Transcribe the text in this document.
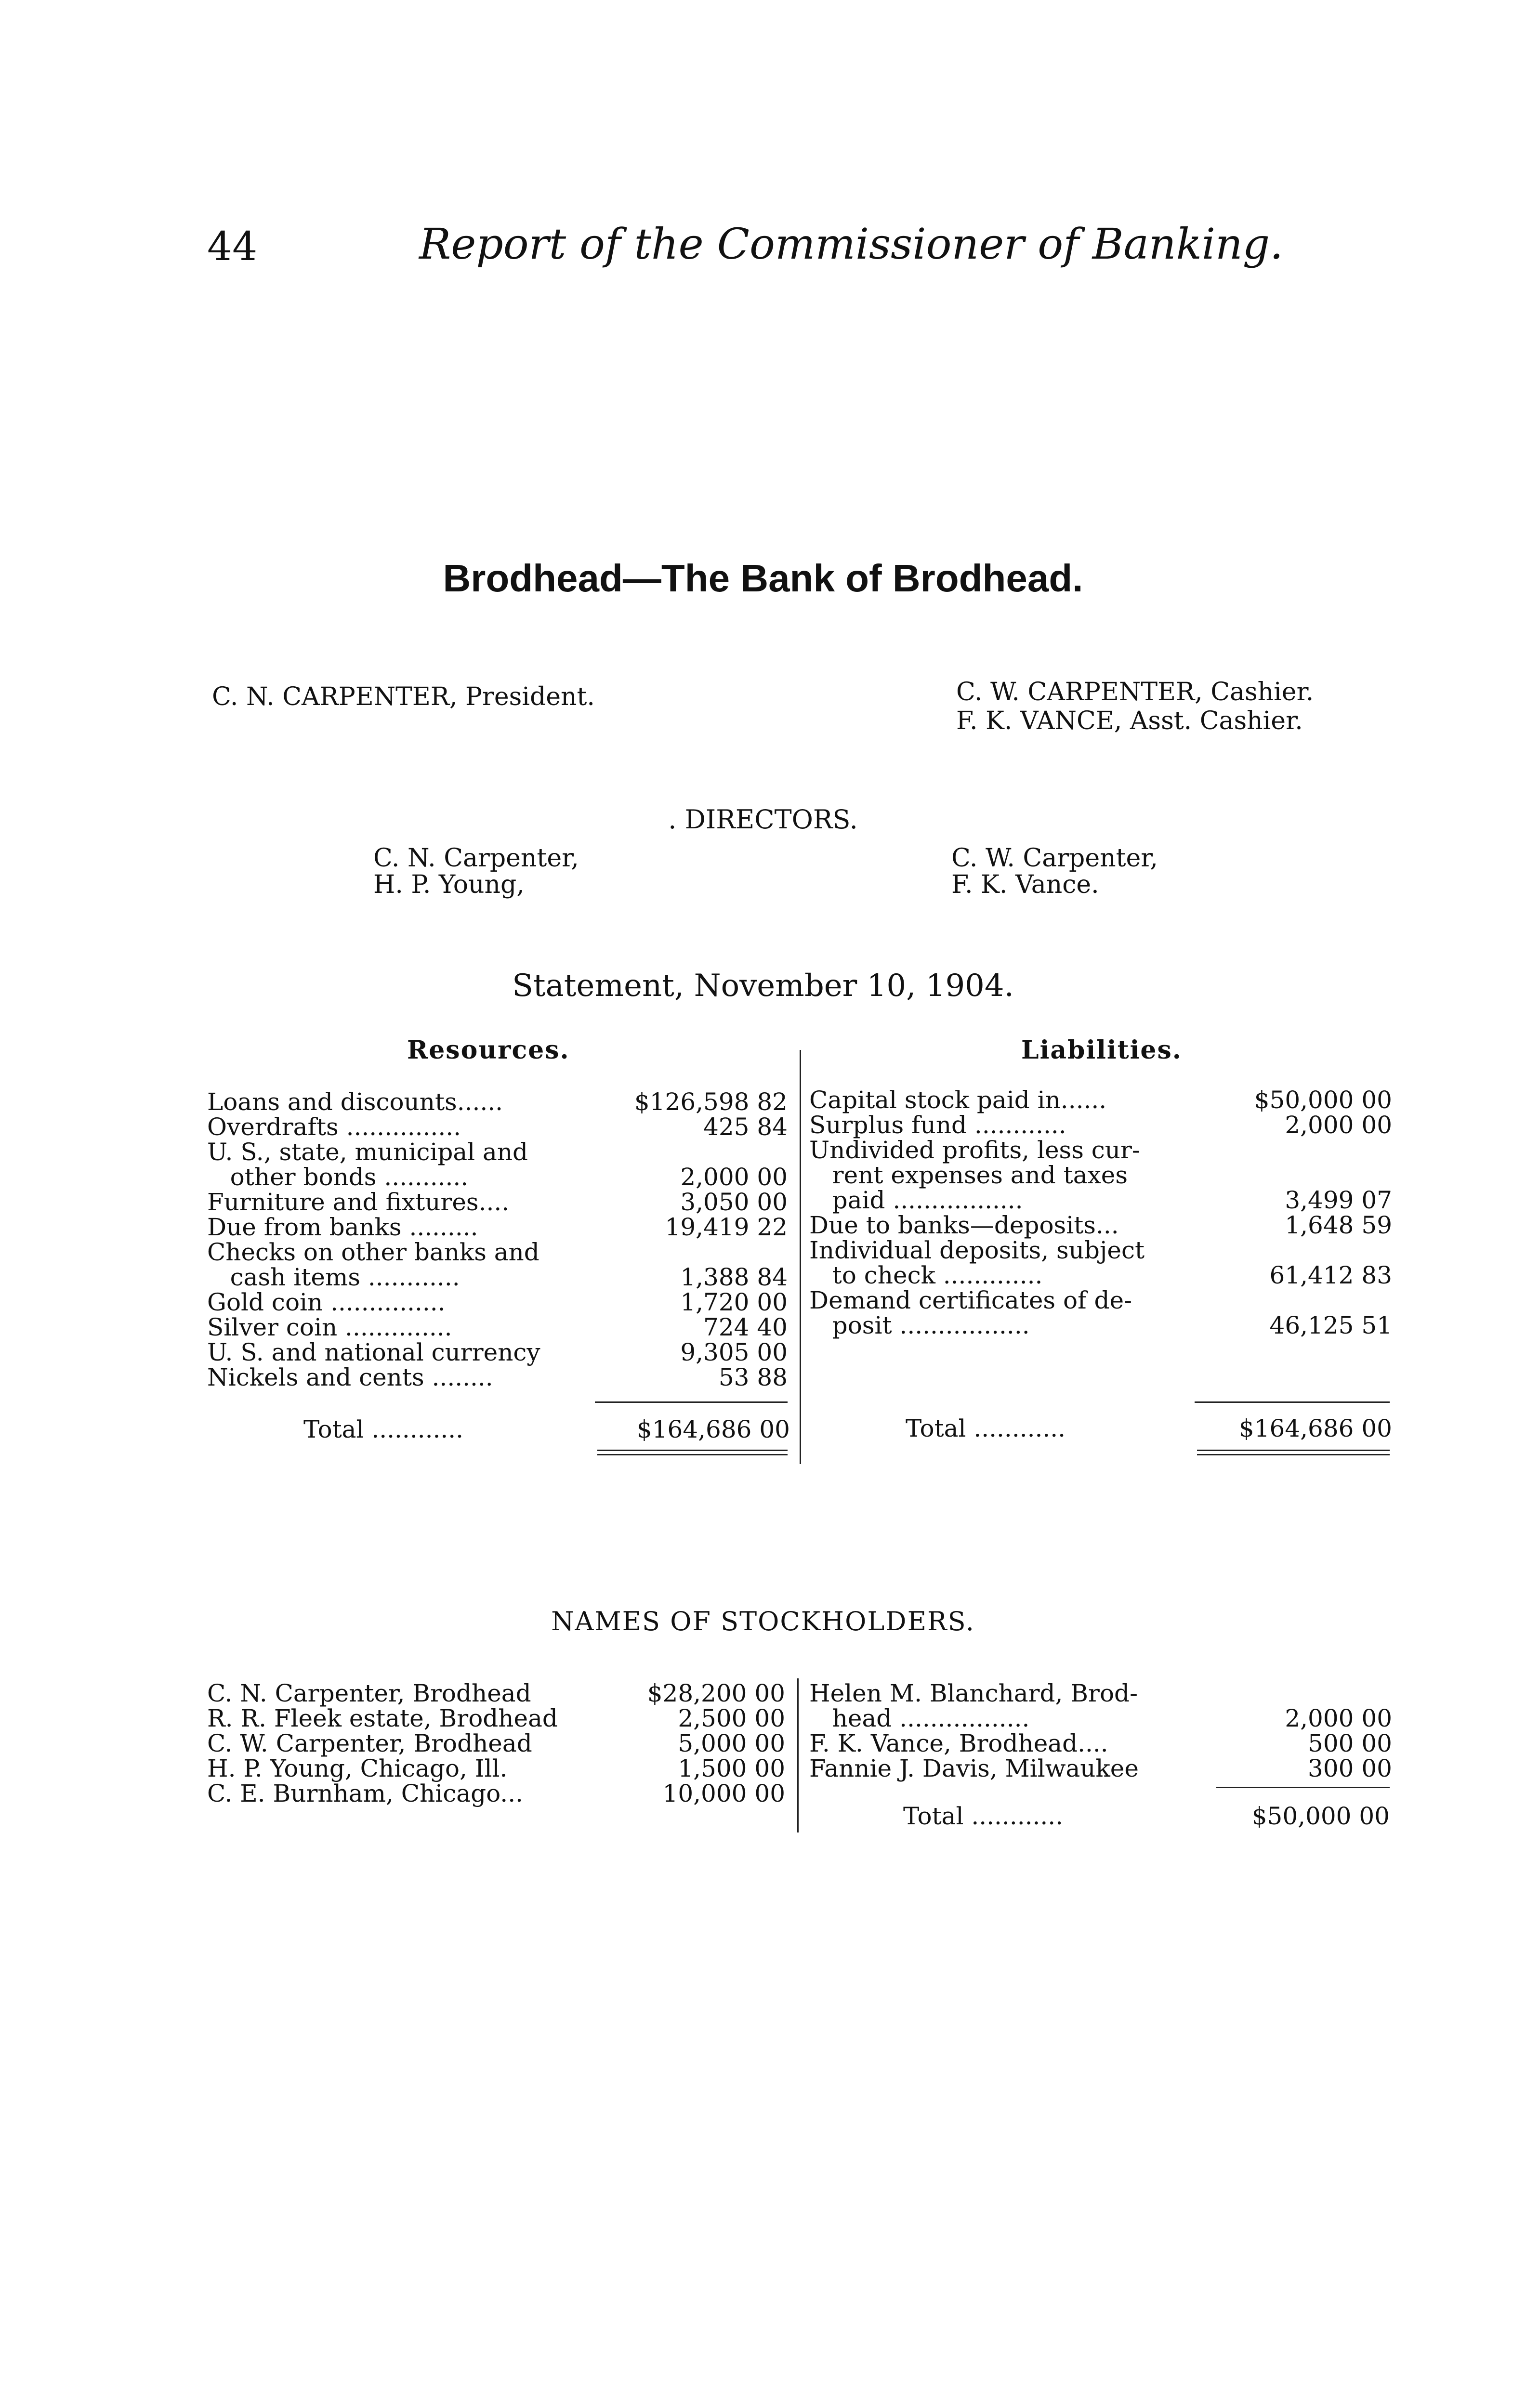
44	Report of the Commissioner of Banking.
Brodhead—The Bank of Brodhead.
C. N. CARPENTER, President.	C. W. CARPENTER, Cashier.
F. K. VANCE, Asst. Cashier.
. DIRECTORS.
C. N. Carpenter,
H. P. Young,
C. W. Carpenter,
F. K. Vance.
Statement, November 10, 1904.
Resources.	Liabilities.
Loans and discounts......	$126,598 82
Overdrafts ...............	425 84
U. S., state, municipal and
other bonds ...........	2,000 00
Furniture and fixtures....	3,050 00
Due from banks .........	19,419 22
Checks on other banks and
cash items ............	1,388 84
Gold coin ...............	1,720 00
Silver coin ..............	724 40
U. S. and national currency	9,305 00
Nickels and cents ........	53 88
Total ............	$164,686 00
Capital stock paid in......	$50,000 00
Surplus fund ............	2,000 00
Undivided profits, less cur-
rent expenses and taxes
paid .................	3,499 07
Due to banks—deposits...	1,648 59
Individual deposits, subject
to check .............	61,412 83
Demand certificates of de-
posit .................	46,125 51
Total ............	$164,686 00
NAMES OF STOCKHOLDERS.
C. N. Carpenter, Brodhead	$28,200 00
R. R. Fleek estate, Brodhead	2,500 00
C. W. Carpenter, Brodhead	5,000 00
H. P. Young, Chicago, Ill.	1,500 00
C. E. Burnham, Chicago...	10,000 00
Helen M. Blanchard, Brod-
head .................	2,000 00
F. K. Vance, Brodhead....	500 00
Fannie J. Davis, Milwaukee	300 00
Total ............	$50,000 00
